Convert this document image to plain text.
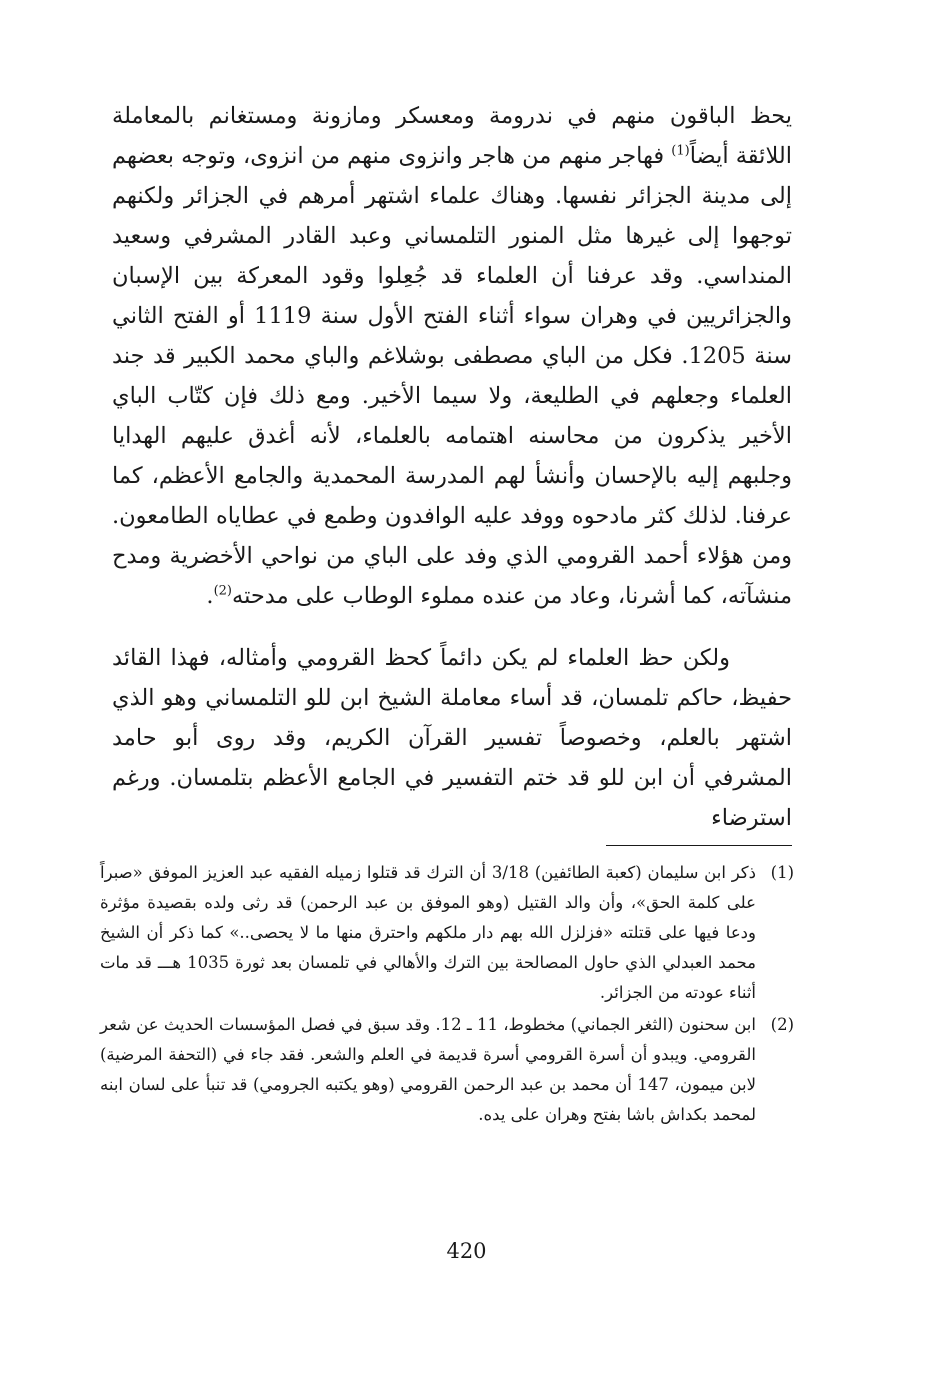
يحظ الباقون منهم في ندرومة ومعسكر ومازونة ومستغانم بالمعاملة اللائقة أيضاً$^{(1)}$ فهاجر منهم من هاجر وانزوى منهم من انزوى، وتوجه بعضهم إلى مدينة الجزائر نفسها. وهناك علماء اشتهر أمرهم في الجزائر ولكنهم توجهوا إلى غيرها مثل المنور التلمساني وعبد القادر المشرفي وسعيد المنداسي. وقد عرفنا أن العلماء قد جُعِلوا وقود المعركة بين الإسبان والجزائريين في وهران سواء أثناء الفتح الأول سنة 1119 أو الفتح الثاني سنة 1205. فكل من الباي مصطفى بوشلاغم والباي محمد الكبير قد جند العلماء وجعلهم في الطليعة، ولا سيما الأخير. ومع ذلك فإن كتّاب الباي الأخير يذكرون من محاسنه اهتمامه بالعلماء، لأنه أغدق عليهم الهدايا وجلبهم إليه بالإحسان وأنشأ لهم المدرسة المحمدية والجامع الأعظم، كما عرفنا. لذلك كثر مادحوه ووفد عليه الوافدون وطمع في عطاياه الطامعون. ومن هؤلاء أحمد القرومي الذي وفد على الباي من نواحي الأخضرية ومدح منشآته، كما أشرنا، وعاد من عنده مملوء الوطاب على مدحته$^{(2)}$.

ولكن حظ العلماء لم يكن دائماً كحظ القرومي وأمثاله، فهذا القائد حفيظ، حاكم تلمسان، قد أساء معاملة الشيخ ابن للو التلمساني وهو الذي اشتهر بالعلم، وخصوصاً تفسير القرآن الكريم، وقد روى أبو حامد المشرفي أن ابن للو قد ختم التفسير في الجامع الأعظم بتلمسان. ورغم استرضاء

(1)
ذكر ابن سليمان (كعبة الطائفين) 3/18 أن الترك قد قتلوا زميله الفقيه عبد العزيز الموفق «صبراً على كلمة الحق»، وأن والد القتيل (وهو الموفق بن عبد الرحمن) قد رثى ولده بقصيدة مؤثرة ودعا فيها على قتلته «فزلزل الله بهم دار ملكهم واحترق منها ما لا يحصى..» كما ذكر أن الشيخ محمد العبدلي الذي حاول المصالحة بين الترك والأهالي في تلمسان بعد ثورة 1035 هـــ قد مات أثناء عودته من الجزائر.
(2)
ابن سحنون (الثغر الجماني) مخطوط، 11 ـ 12. وقد سبق في فصل المؤسسات الحديث عن شعر القرومي. ويبدو أن أسرة القرومي أسرة قديمة في العلم والشعر. فقد جاء في (التحفة المرضية) لابن ميمون، 147 أن محمد بن عبد الرحمن القرومي (وهو يكتبه الجرومي) قد تنبأ على لسان ابنه لمحمد بكداش باشا بفتح وهران على يده.
420
